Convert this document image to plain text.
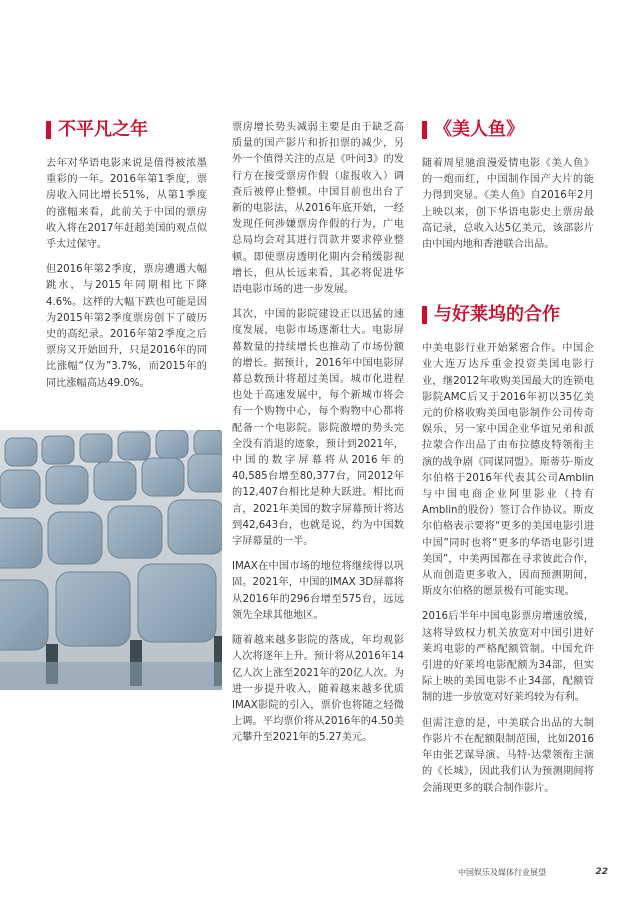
不平凡之年

去年对华语电影来说是值得被浓墨重彩的一年。2016年第1季度，票房收入同比增长51%，从第1季度的涨幅来看，此前关于中国的票房收入将在2017年赶超美国的观点似乎太过保守。

但2016年第2季度，票房遭遇大幅跳水，与2015年同期相比下降4.6%。这样的大幅下跌也可能是因为2015年第2季度票房创下了破历史的高纪录。2016年第2季度之后票房又开始回升，只是2016年的同比涨幅“仅为”3.7%，而2015年的同比涨幅高达49.0%。

票房增长势头减弱主要是由于缺乏高质量的国产影片和折扣票的减少，另外一个值得关注的点是《叶问3》的发行方在接受票房作假（虚报收入）调查后被停止整顿。中国目前也出台了新的电影法，从2016年底开始，一经发现任何涉嫌票房作假的行为，广电总局均会对其进行罚款并要求停业整顿。即使票房透明化期内会稍缓影视增长，但从长远来看，其必将促进华语电影市场的进一步发展。

其次，中国的影院建设正以迅猛的速度发展，电影市场逐渐壮大。电影屏幕数量的持续增长也推动了市场份额的增长。据预计，2016年中国电影屏幕总数预计将超过美国。城市化进程也处于高速发展中，每个新城市将会有一个购物中心，每个购物中心都将配备一个电影院。影院激增的势头完全没有消退的迹象，预计到2021年，中国的数字屏幕将从2016年的40,585台增至80,377台，同2012年的12,407台相比是种大跃进。相比而言，2021年美国的数字屏幕预计将达到42,643台，也就是说，约为中国数字屏幕量的一半。

IMAX在中国市场的地位将继续得以巩固。2021年，中国的IMAX 3D屏幕将从2016年的296台增至575台，远远领先全球其他地区。

随着越来越多影院的落成，年均观影人次将逐年上升。预计将从2016年14亿人次上涨至2021年的20亿人次。为进一步提升收入，随着越来越多优质IMAX影院的引入，票价也将随之轻微上调。平均票价将从2016年的4.50美元攀升至2021年的5.27美元。

《美人鱼》

随着周星驰浪漫爱情电影《美人鱼》的一炮而红，中国制作国产大片的能力得到突显。《美人鱼》自2016年2月上映以来，创下华语电影史上票房最高记录，总收入达5亿美元，该部影片由中国内地和香港联合出品。

与好莱坞的合作

中美电影行业开始紧密合作。中国企业大连万达斥重金投资美国电影行业，继2012年收购美国最大的连锁电影院AMC后又于2016年初以35亿美元的价格收购美国电影制作公司传奇娱乐，另一家中国企业华谊兄弟和派拉蒙合作出品了由布拉德皮特领衔主演的战争剧《同谋同盟》。斯蒂芬·斯皮尔伯格于2016年代表其公司Amblin与中国电商企业阿里影业（持有Amblin的股份）签订合作协议。斯皮尔伯格表示要将“更多的美国电影引进中国”同时也将“更多的华语电影引进美国”，中美两国都在寻求彼此合作，从而创造更多收入，因而预测期间，斯皮尔伯格的愿景极有可能实现。

2016后半年中国电影票房增速放缓，这将导致权力机关放宽对中国引进好莱坞电影的严格配额管制。中国允许引进的好莱坞电影配额为34部，但实际上映的美国电影不止34部，配额管制的进一步放宽对好莱坞较为有利。

但需注意的是，中美联合出品的大制作影片不在配额限制范围，比如2016年由张艺谋导演、马特·达蒙领衔主演的《长城》，因此我们认为预测期间将会涌现更多的联合制作影片。

中国娱乐及媒体行业展望	22
